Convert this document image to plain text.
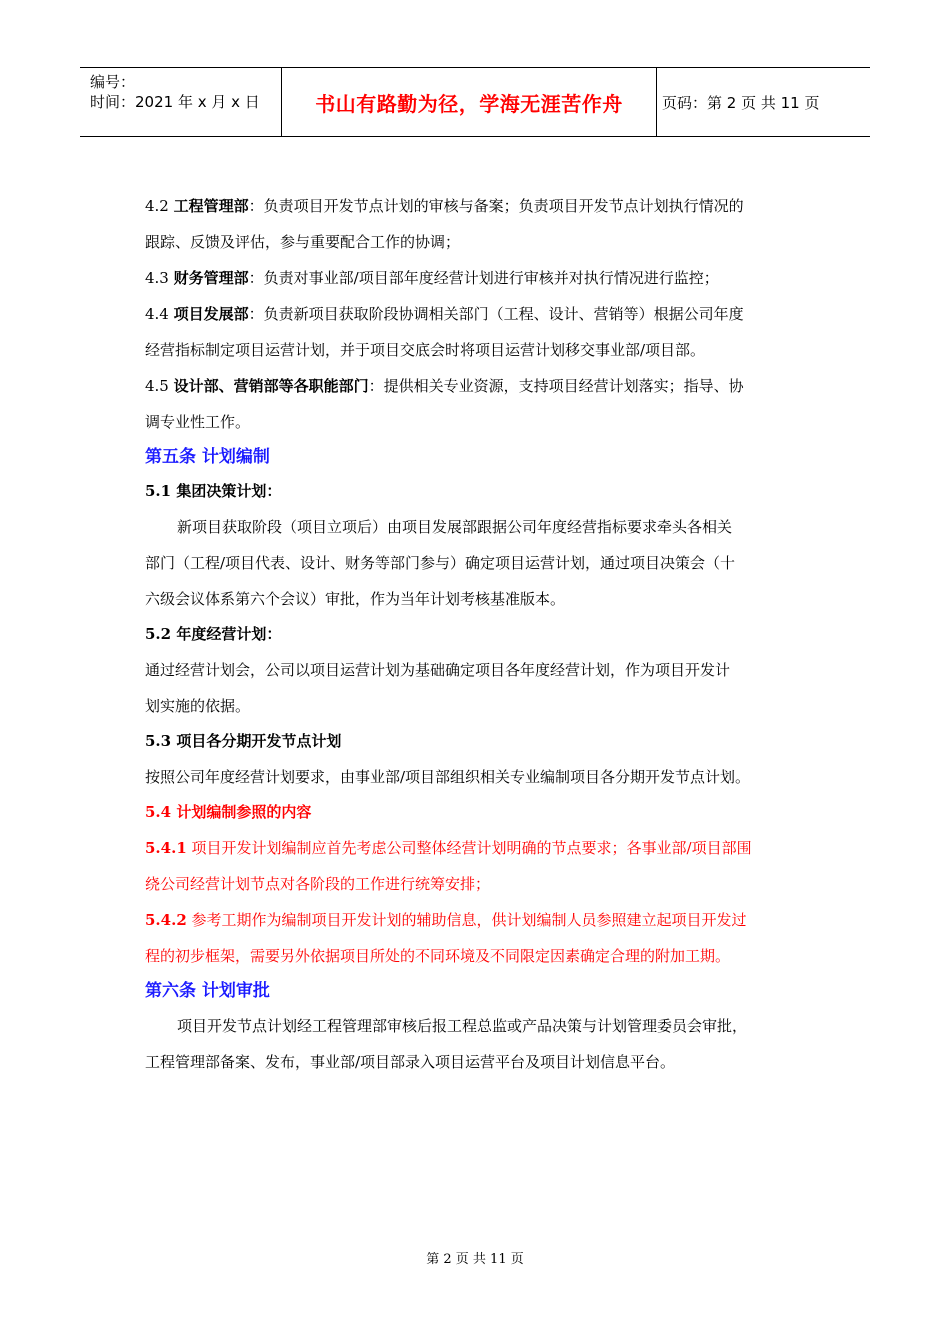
编号：
时间：2021 年 x 月 x 日	书山有路勤为径，学海无涯苦作舟	页码：第 2 页 共 11 页
4.2 工程管理部：负责项目开发节点计划的审核与备案；负责项目开发节点计划执行情况的
跟踪、反馈及评估，参与重要配合工作的协调；
4.3 财务管理部：负责对事业部/项目部年度经营计划进行审核并对执行情况进行监控；
4.4 项目发展部：负责新项目获取阶段协调相关部门（工程、设计、营销等）根据公司年度
经营指标制定项目运营计划，并于项目交底会时将项目运营计划移交事业部/项目部。
4.5 设计部、营销部等各职能部门：提供相关专业资源，支持项目经营计划落实；指导、协
调专业性工作。
第五条 计划编制
5.1 集团决策计划：
新项目获取阶段（项目立项后）由项目发展部跟据公司年度经营指标要求牵头各相关
部门（工程/项目代表、设计、财务等部门参与）确定项目运营计划，通过项目决策会（十
六级会议体系第六个会议）审批，作为当年计划考核基准版本。
5.2 年度经营计划：
通过经营计划会，公司以项目运营计划为基础确定项目各年度经营计划，作为项目开发计
划实施的依据。
5.3 项目各分期开发节点计划
按照公司年度经营计划要求，由事业部/项目部组织相关专业编制项目各分期开发节点计划。
5.4 计划编制参照的内容
5.4.1 项目开发计划编制应首先考虑公司整体经营计划明确的节点要求；各事业部/项目部围
绕公司经营计划节点对各阶段的工作进行统筹安排；
5.4.2 参考工期作为编制项目开发计划的辅助信息，供计划编制人员参照建立起项目开发过
程的初步框架，需要另外依据项目所处的不同环境及不同限定因素确定合理的附加工期。
第六条 计划审批
项目开发节点计划经工程管理部审核后报工程总监或产品决策与计划管理委员会审批，
工程管理部备案、发布，事业部/项目部录入项目运营平台及项目计划信息平台。
第 2 页 共 11 页
